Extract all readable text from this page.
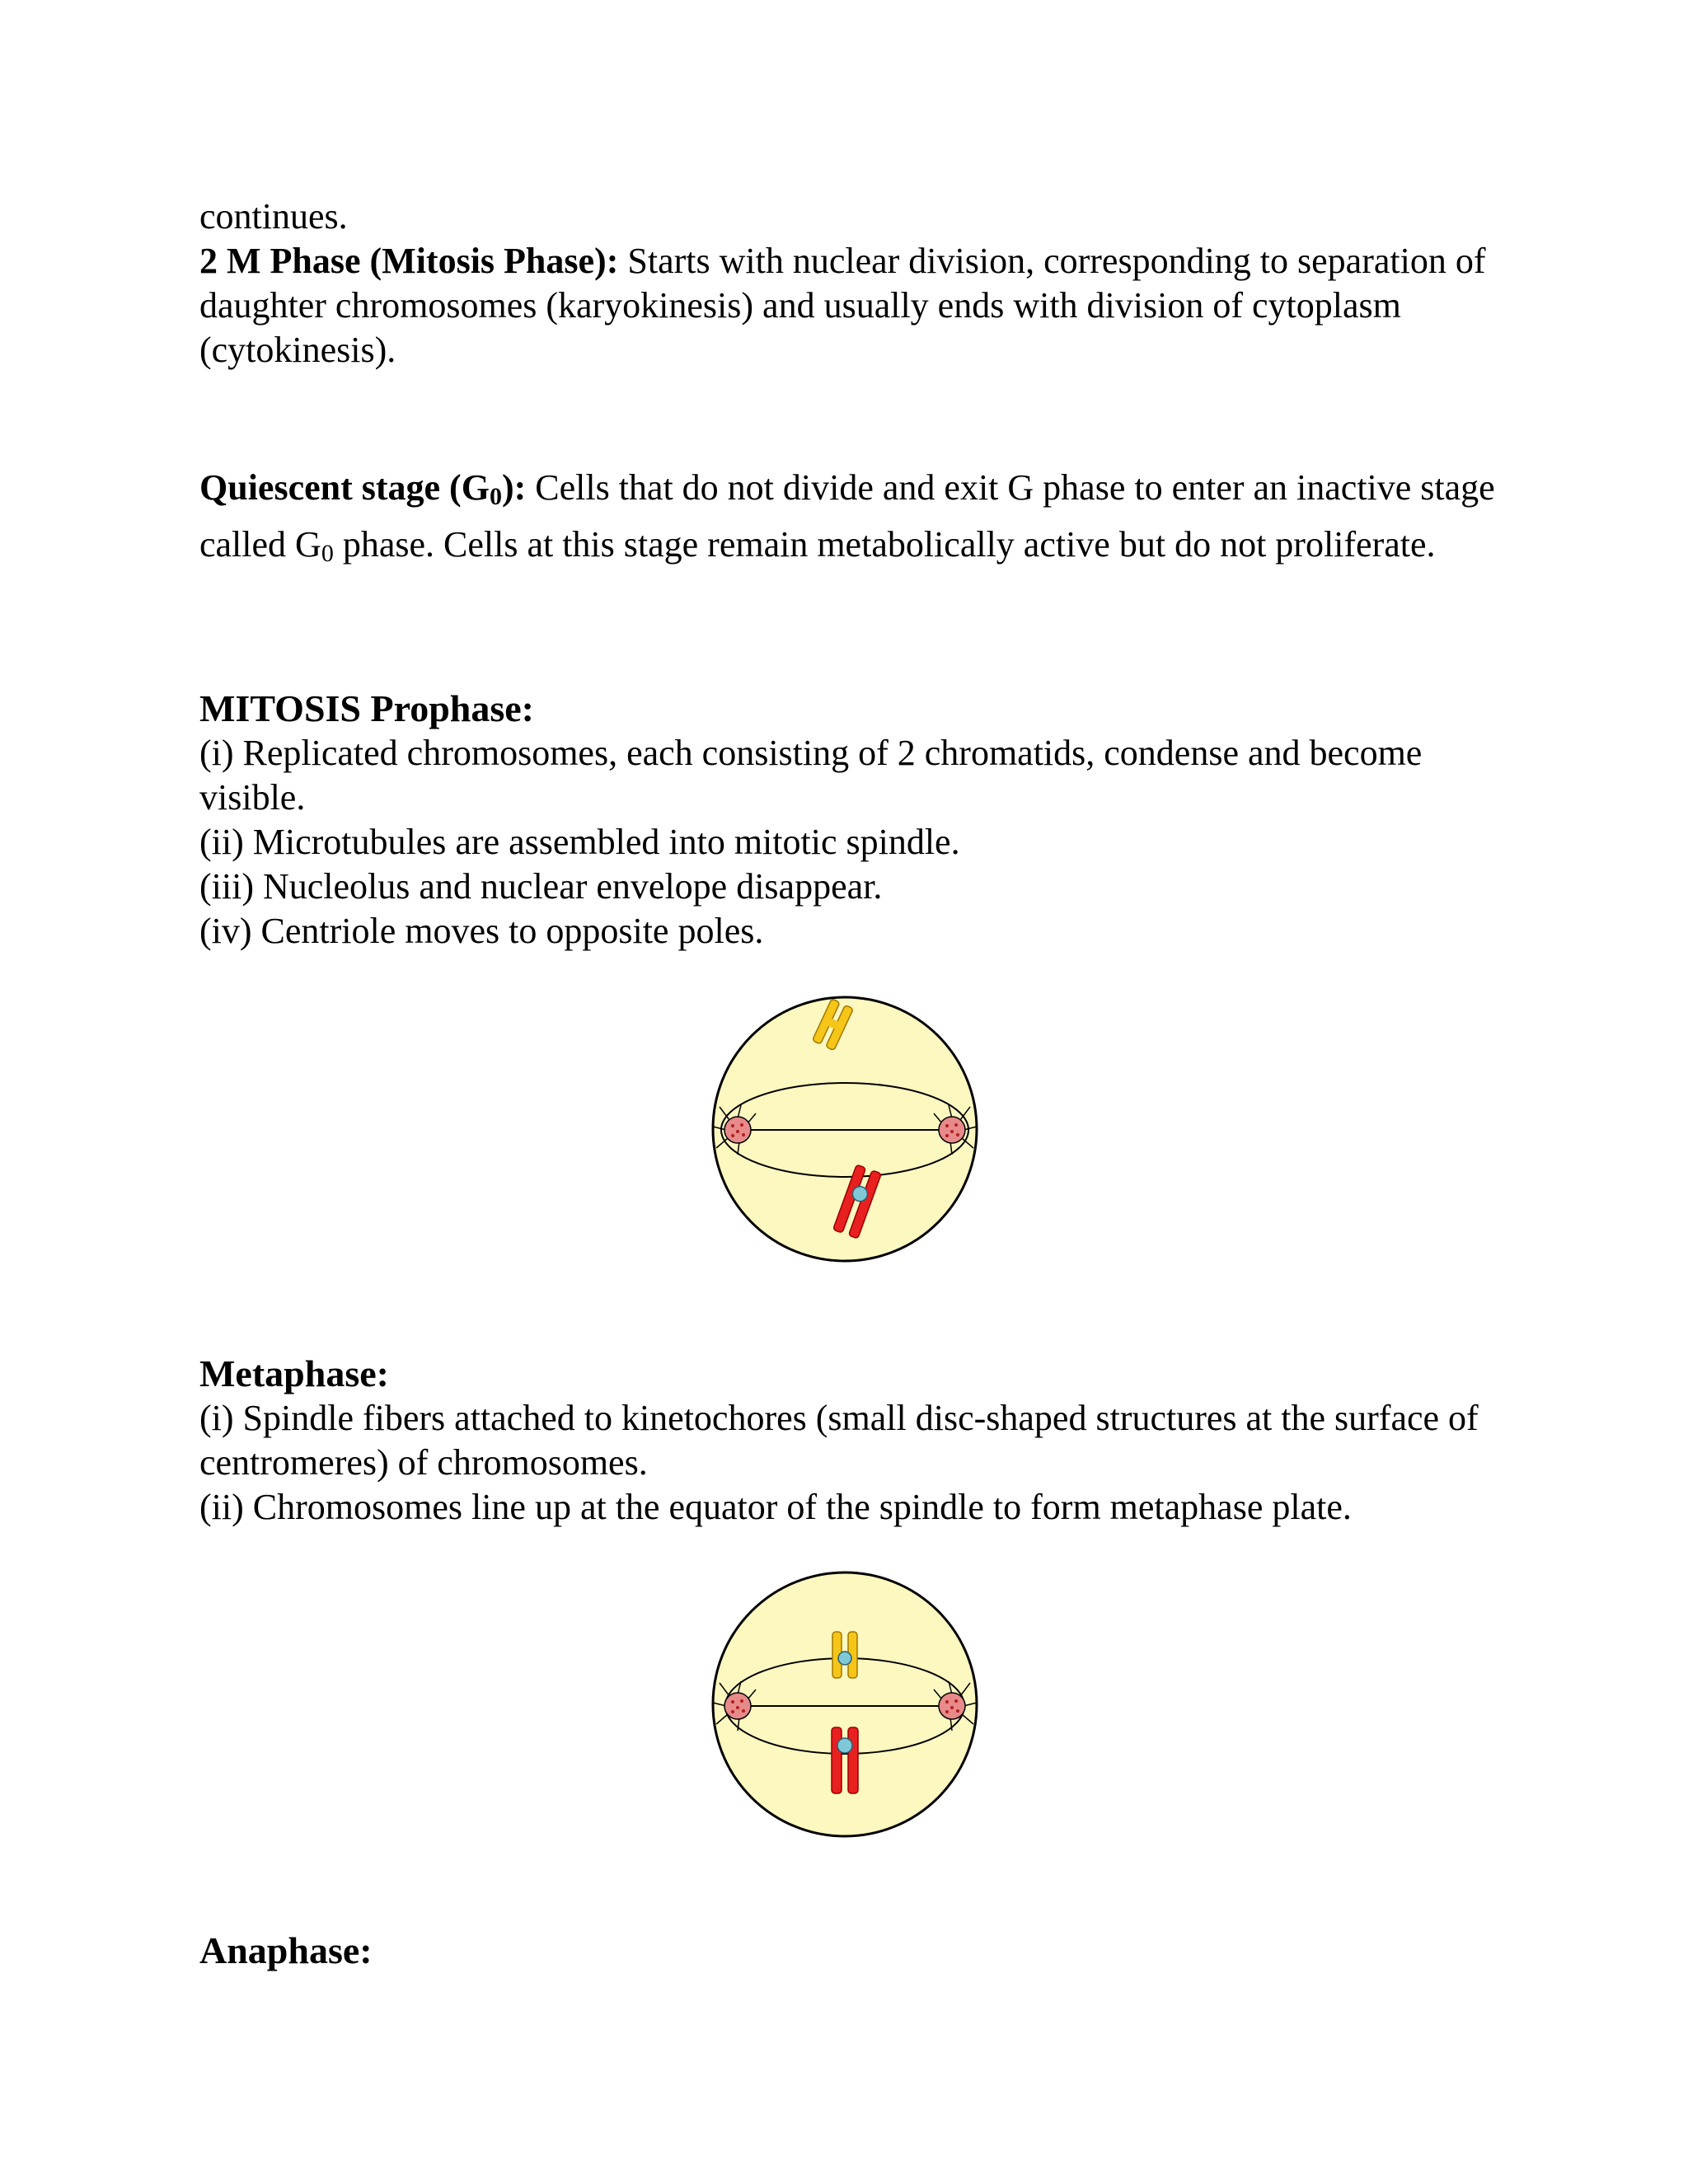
continues.

2 M Phase (Mitosis Phase): Starts with nuclear division, corresponding to separation of daughter chromosomes (karyokinesis) and usually ends with division of cytoplasm (cytokinesis).

Quiescent stage $(G_0)$: Cells that do not divide and exit G phase to enter an inactive stage called $G_0$ phase. Cells at this stage remain metabolically active but do not proliferate.

MITOSIS Prophase:

(i) Replicated chromosomes, each consisting of 2 chromatids, condense and become visible.

(ii) Microtubules are assembled into mitotic spindle.

(iii) Nucleolus and nuclear envelope disappear.

(iv) Centriole moves to opposite poles.

Metaphase:

(i) Spindle fibers attached to kinetochores (small disc-shaped structures at the surface of centromeres) of chromosomes.

(ii) Chromosomes line up at the equator of the spindle to form metaphase plate.

Anaphase:
